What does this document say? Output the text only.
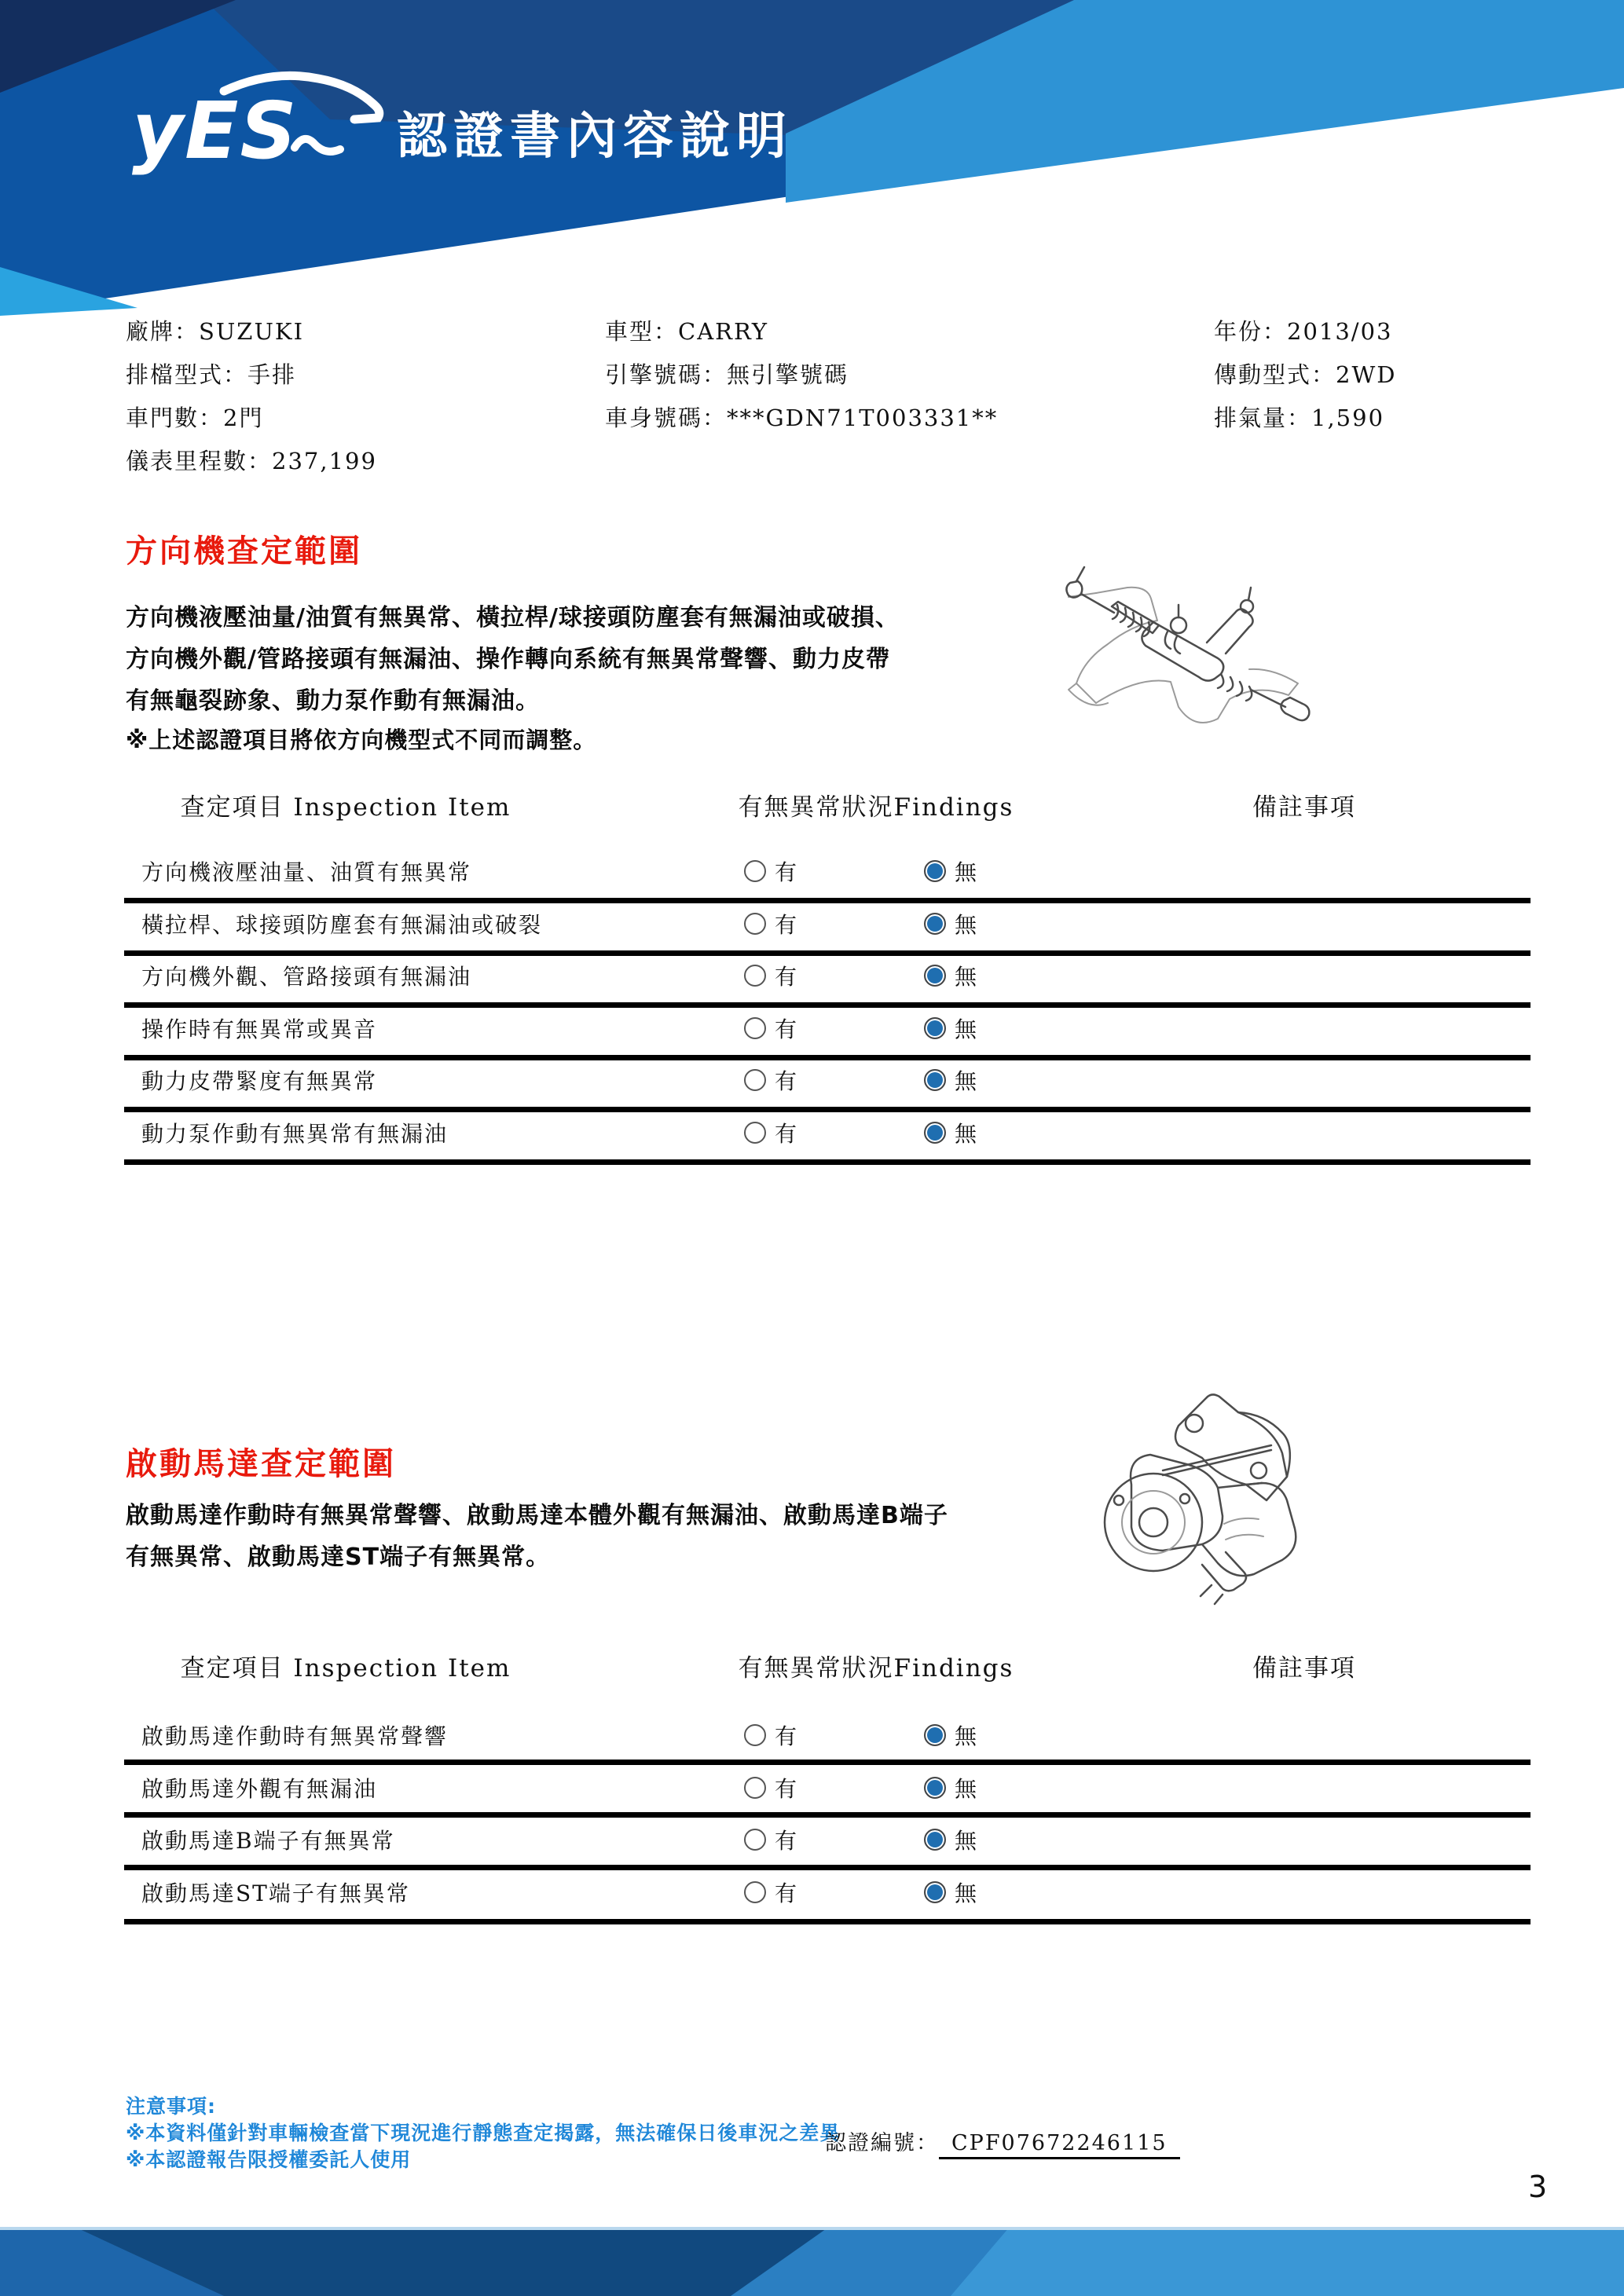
yES 認證書內容說明
廠牌：SUZUKI
排檔型式：手排
車門數：2門
儀表里程數：237,199
車型：CARRY
引擎號碼：無引擎號碼
車身號碼：***GDN71T003331**
年份：2013/03
傳動型式：2WD
排氣量：1,590
方向機查定範圍
方向機液壓油量/油質有無異常、橫拉桿/球接頭防塵套有無漏油或破損、
方向機外觀/管路接頭有無漏油、操作轉向系統有無異常聲響、動力皮帶
有無龜裂跡象、動力泵作動有無漏油。
※上述認證項目將依方向機型式不同而調整。
查定項目 Inspection Item	有無異常狀況Findings	備註事項
方向機液壓油量、油質有無異常	有	無
橫拉桿、球接頭防塵套有無漏油或破裂	有	無
方向機外觀、管路接頭有無漏油	有	無
操作時有無異常或異音	有	無
動力皮帶緊度有無異常	有	無
動力泵作動有無異常有無漏油	有	無
啟動馬達查定範圍
啟動馬達作動時有無異常聲響、啟動馬達本體外觀有無漏油、啟動馬達B端子
有無異常、啟動馬達ST端子有無異常。
查定項目 Inspection Item	有無異常狀況Findings	備註事項
啟動馬達作動時有無異常聲響	有	無
啟動馬達外觀有無漏油	有	無
啟動馬達B端子有無異常	有	無
啟動馬達ST端子有無異常	有	無
注意事項:
※本資料僅針對車輛檢查當下現況進行靜態查定揭露，無法確保日後車況之差異
※本認證報告限授權委託人使用
認證編號： CPF07672246115
3
